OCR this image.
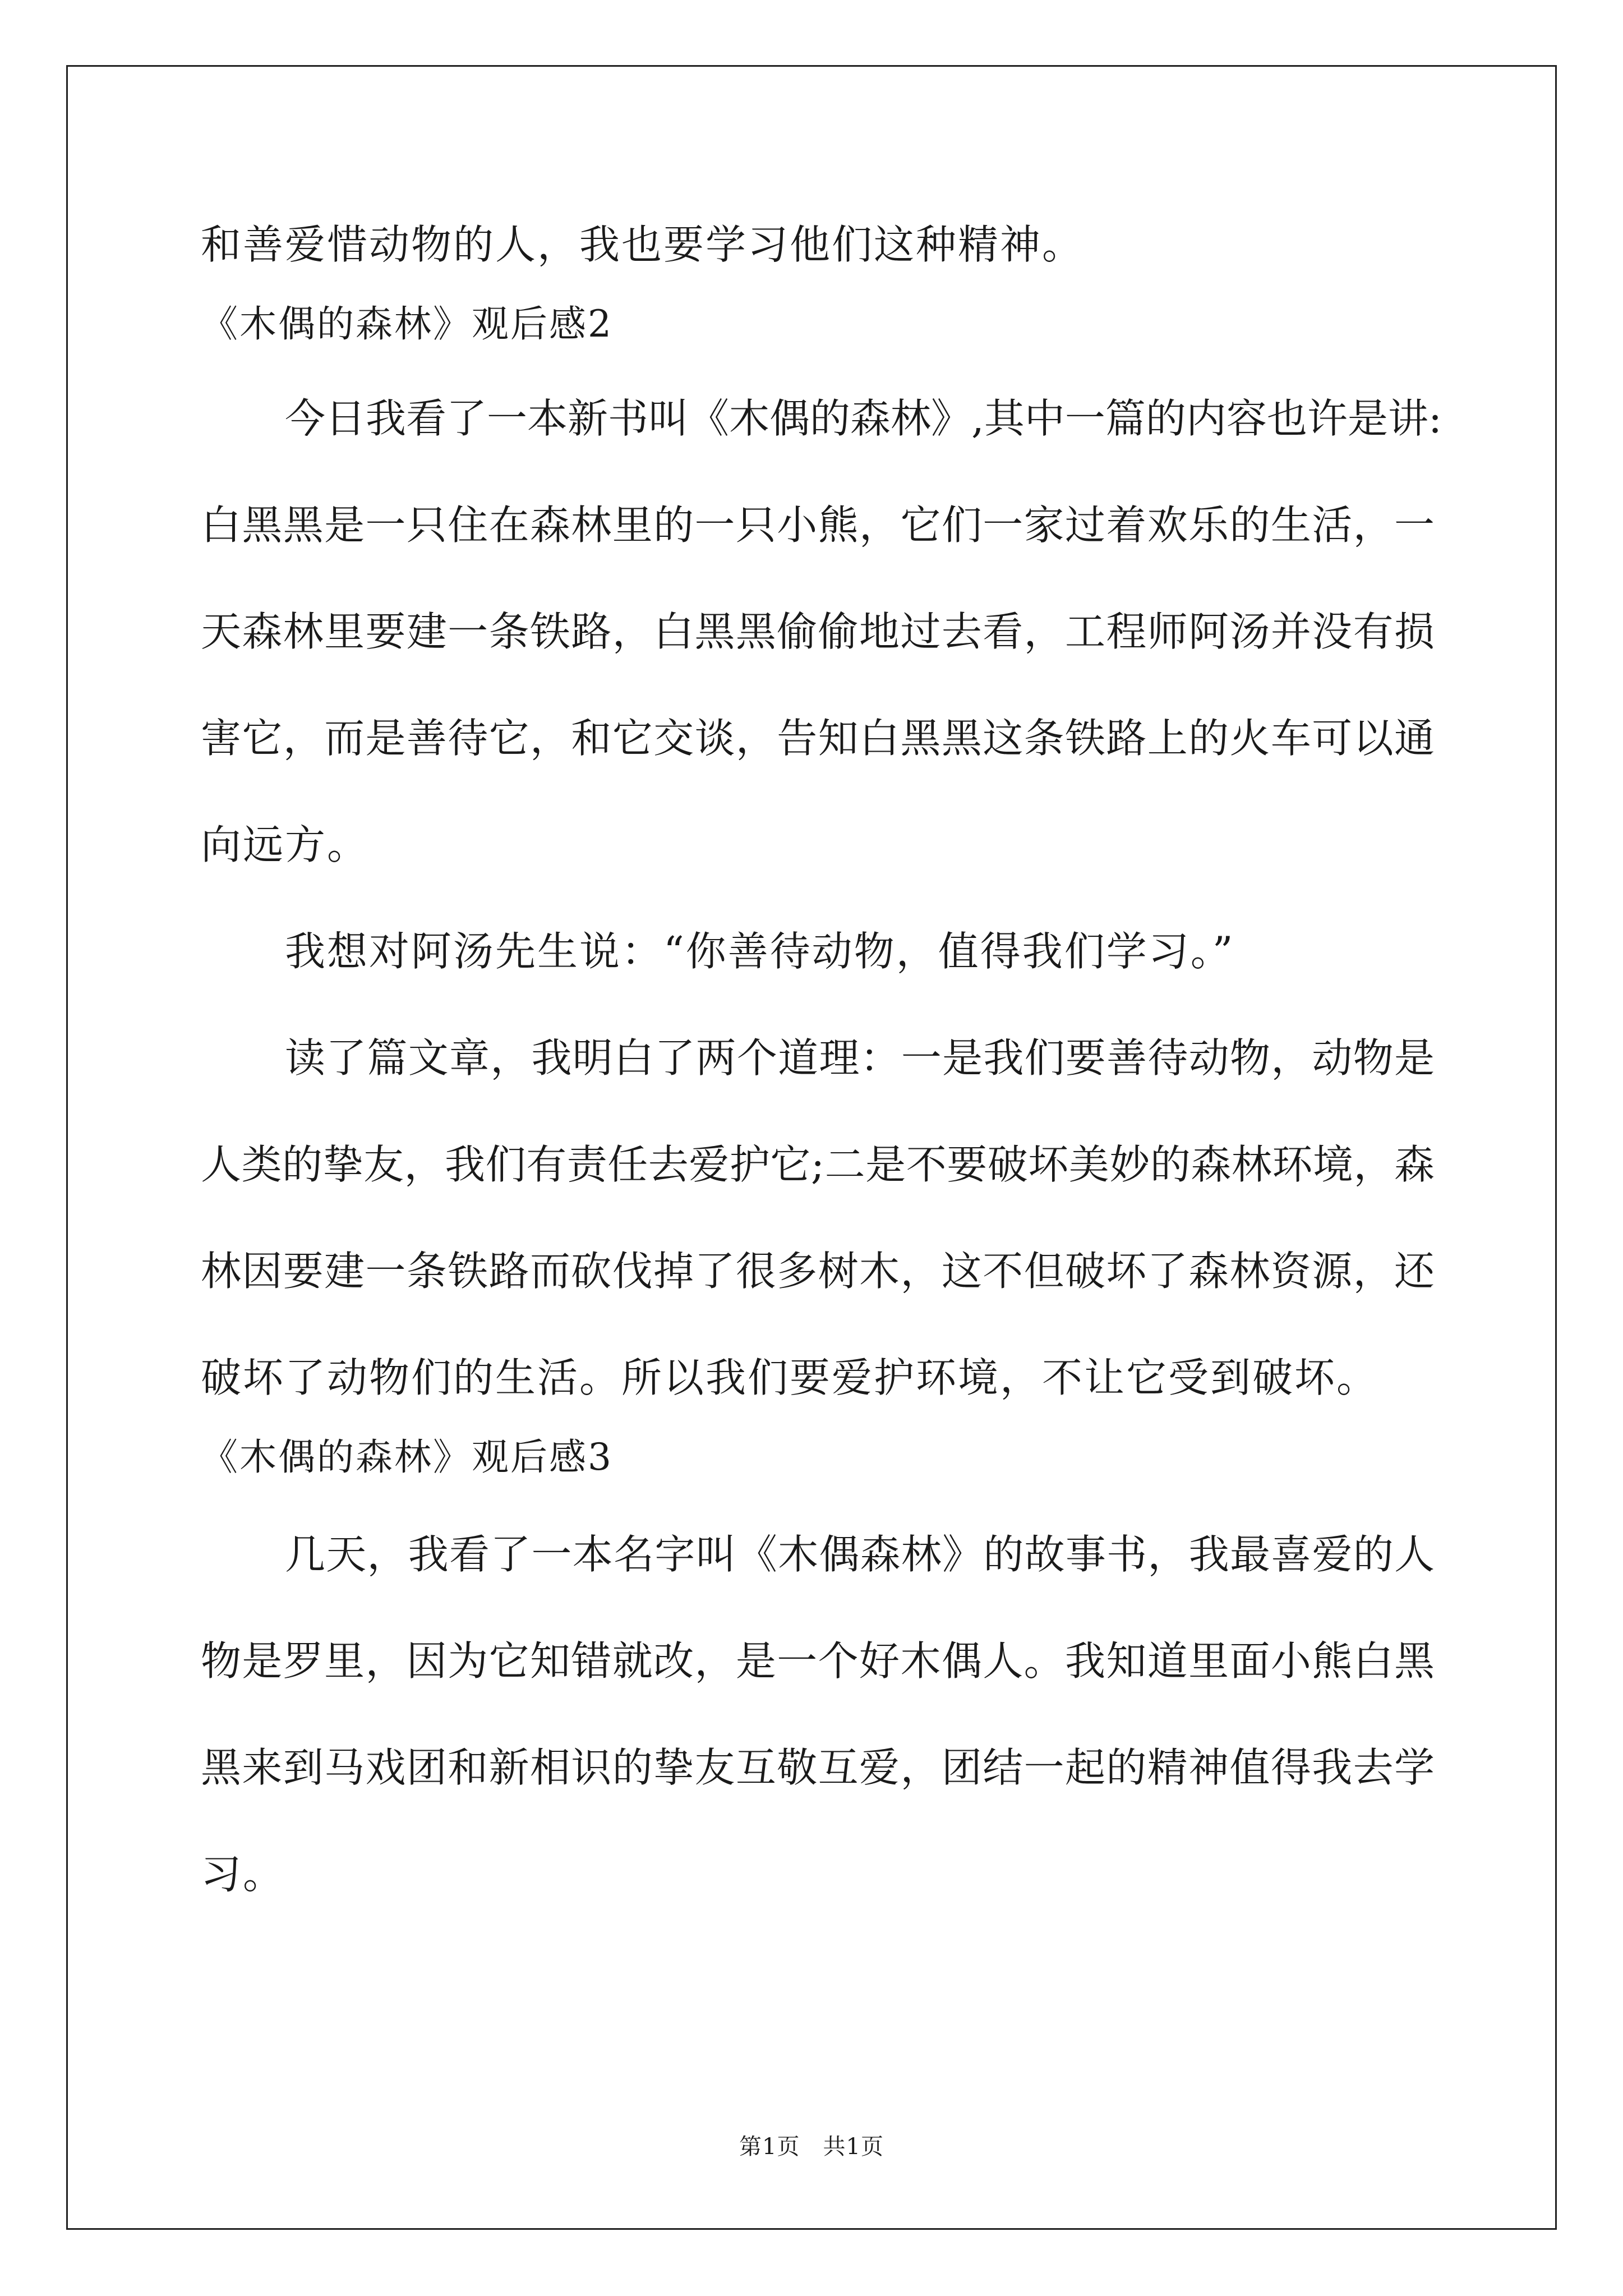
和善爱惜动物的人，我也要学习他们这种精神。
《木偶的森林》观后感2
今日我看了一本新书叫《木偶的森林》,其中一篇的内容也许是讲:
白黑黑是一只住在森林里的一只小熊，它们一家过着欢乐的生活，一
天森林里要建一条铁路，白黑黑偷偷地过去看，工程师阿汤并没有损
害它，而是善待它，和它交谈，告知白黑黑这条铁路上的火车可以通
向远方。
我想对阿汤先生说：“你善待动物，值得我们学习。”
读了篇文章，我明白了两个道理：一是我们要善待动物，动物是
人类的挚友，我们有责任去爱护它;二是不要破坏美妙的森林环境，森
林因要建一条铁路而砍伐掉了很多树木，这不但破坏了森林资源，还
破坏了动物们的生活。所以我们要爱护环境，不让它受到破坏。
《木偶的森林》观后感3
几天，我看了一本名字叫《木偶森林》的故事书，我最喜爱的人
物是罗里，因为它知错就改，是一个好木偶人。我知道里面小熊白黑
黑来到马戏团和新相识的挚友互敬互爱，团结一起的精神值得我去学
习。
第1页　共1页
